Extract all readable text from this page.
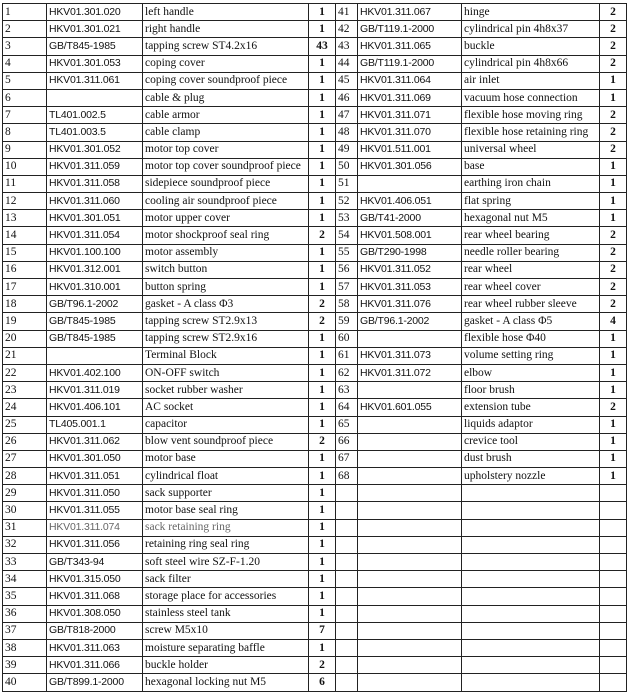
1	HKV01.301.020	left handle	1	41	HKV01.311.067	hinge	2
2	HKV01.301.021	right handle	1	42	GB/T119.1-2000	cylindrical pin 4h8x37	2
3	GB/T845-1985	tapping screw ST4.2x16	43	43	HKV01.311.065	buckle	2
4	HKV01.301.053	coping cover	1	44	GB/T119.1-2000	cylindrical pin 4h8x66	2
5	HKV01.311.061	coping cover soundproof piece	1	45	HKV01.311.064	air inlet	1
6		cable & plug	1	46	HKV01.311.069	vacuum hose connection	1
7	TL401.002.5	cable armor	1	47	HKV01.311.071	flexible hose moving ring	2
8	TL401.003.5	cable clamp	1	48	HKV01.311.070	flexible hose retaining ring	2
9	HKV01.301.052	motor top cover	1	49	HKV01.511.001	universal wheel	2
10	HKV01.311.059	motor top cover soundproof piece	1	50	HKV01.301.056	base	1
11	HKV01.311.058	sidepiece soundproof piece	1	51		earthing iron chain	1
12	HKV01.311.060	cooling air soundproof piece	1	52	HKV01.406.051	flat spring	1
13	HKV01.301.051	motor upper cover	1	53	GB/T41-2000	hexagonal nut M5	1
14	HKV01.311.054	motor shockproof seal ring	2	54	HKV01.508.001	rear wheel bearing	2
15	HKV01.100.100	motor assembly	1	55	GB/T290-1998	needle roller bearing	2
16	HKV01.312.001	switch button	1	56	HKV01.311.052	rear wheel	2
17	HKV01.310.001	button spring	1	57	HKV01.311.053	rear wheel cover	2
18	GB/T96.1-2002	gasket - A class Φ3	2	58	HKV01.311.076	rear wheel rubber sleeve	2
19	GB/T845-1985	tapping screw ST2.9x13	2	59	GB/T96.1-2002	gasket - A class Φ5	4
20	GB/T845-1985	tapping screw ST2.9x16	1	60		flexible hose Φ40	1
21		Terminal Block	1	61	HKV01.311.073	volume setting ring	1
22	HKV01.402.100	ON-OFF switch	1	62	HKV01.311.072	elbow	1
23	HKV01.311.019	socket rubber washer	1	63		floor brush	1
24	HKV01.406.101	AC socket	1	64	HKV01.601.055	extension tube	2
25	TL405.001.1	capacitor	1	65		liquids adaptor	1
26	HKV01.311.062	blow vent soundproof piece	2	66		crevice tool	1
27	HKV01.301.050	motor base	1	67		dust brush	1
28	HKV01.311.051	cylindrical float	1	68		upholstery nozzle	1
29	HKV01.311.050	sack supporter	1				
30	HKV01.311.055	motor base seal ring	1				
31	HKV01.311.074	sack retaining ring	1				
32	HKV01.311.056	retaining ring seal ring	1				
33	GB/T343-94	soft steel wire SZ-F-1.20	1				
34	HKV01.315.050	sack filter	1				
35	HKV01.311.068	storage place for accessories	1				
36	HKV01.308.050	stainless steel tank	1				
37	GB/T818-2000	screw M5x10	7				
38	HKV01.311.063	moisture separating baffle	1				
39	HKV01.311.066	buckle holder	2				
40	GB/T899.1-2000	hexagonal locking nut M5	6				
